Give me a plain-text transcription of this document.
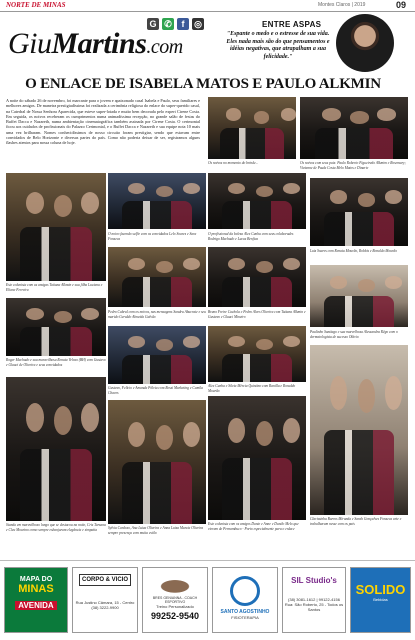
NORTE DE MINAS	Montes Claros | 2019	09
GiuMartins.com
G ✆	f	◎	ENTRE ASPAS
"Espante o medo e o estresse de sua vida. Eles nada mais são do que pensamentos e idéias negativas, que atrapalham a sua felicidade."
O ENLACE DE ISABELA MATOS E PAULO ALKMIN
A noite do sábado 26 de novembro, foi marcante para o jovem e apaixonado casal Isabela e Paulo, seus familiares e melhores amigos. De maneira prestigiadíssima foi realizada a cerimônia religiosa do enlace do super-querido casal, na Catedral de Nossa Senhora Aparecida, que esteve super-lotada e muito bem decorada pelo expert Cirene Costa. Em seguida, os noivos receberam os cumprimentos numa animadíssima recepção, no grande salão de festas do Buffet Dacca e Nazareth, numa ambientação cinematográfica também assinada por Cirene Costa. O cerimonial ficou aos cuidados de profissionais do Palazzo Cerimonial, e o Buffet Dacca e Nazareth e sua equipe nota 10 mais uma vez brilharam. Nomes conhecidíssimos de nosso circuito foram prestigiar, sendo que estavam entre convidados de Belo Horizonte e diversas partes do país. Como não poderia deixar de ser, registramos alguns flashes atentos para nossa coluna de hoje.
Os noivos no momento do brinde...	Os noivos com seus pais: Paulo Roberto Figueiredo Alkmim e Rosemary; Vivianne de Paula Costa Melo Matos e Dinarte
Este colunista com as amigas Tatiana Alkmin e sua filha Luciana e Eliane Ferreira
O noivo fazendo selfie com os convidados Lelo Soares e Sara Fonseca
O profissional da beleza Alex Cunha com seus colaborades Rodrigo Machado e Lucas Benfica
Luiz Soares com Renata Mourão, Robbis e Ronaldo Mourão
Pedro Cabral com os noivos, nas mensagens Sandra Abucrate e seu marido Geraldo Almeida Galvão
Bruno Freire Cachola e Pedro Alves Oliveira com Tatiana Alkmin e Gustavo e Glauci Mineiro
Paulinho Santiago e sua marvelhosa Alessandra Rêgo com o dermatologista de sucesso Olávio
Roger Machado e sua maravilhosa Renata Veloso (BH) com Gustavo e Glauci de Oliveira e seus convidados
Gustavo, Felício e Amanda Pólvia com Rossi Marketing e Camila Chaves
Alex Cunha e Silvia Mércia Quintino com Ranilla e Ronaldo Mourão
Sianda em maravilhoso longo que se destacou na noite, Cris Tarsana e Cleu Mourino como sempre esbanjaram elegância e simpatia	Sylvia Cardoso, Ana Luiza Oliveira e Anna Luiza Marcia Oliveira sempre presença com muita estilo
Este colunista com os amigos Dante e Anne e Danilo Melo que vieram de Pernambuco - Porto especialmente para o enlace
Clarissinha Barros Miranda e Sarah Gonçalves Fonseca arte e trabalharam nesse com os pais
MAPA DO
MINAS
AVENIDA
CORPO & VICIO
Rua Justino Câmara, 15 - Centro
(38) 3222-9900
BRES GENIANNA - COACH ESPORTIVO
Treino Personalizado
99252-9540	SANTO AGOSTINHO
FISIOTERAPIA
SIL Studio's
(38) 3081-1612 | 99122-4156
Rua: São Roberto, 25 - Todos os Santos
SOLIDO
Bebidas
